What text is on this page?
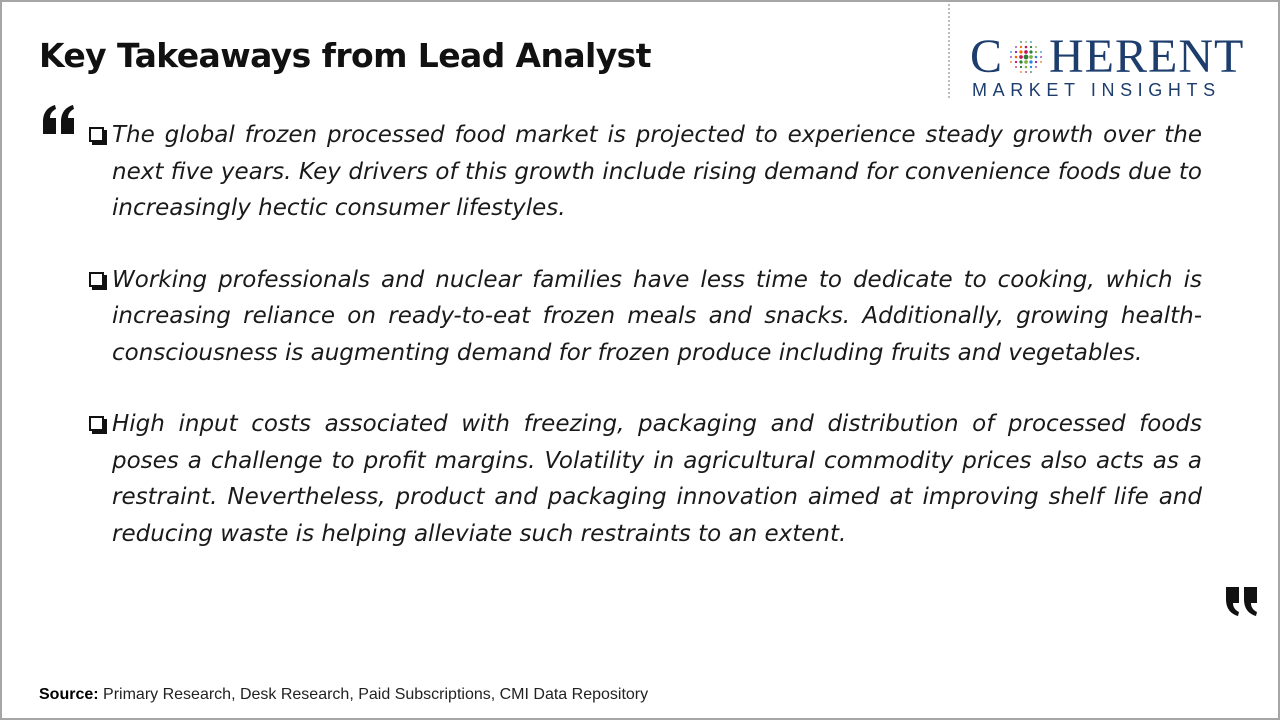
Key Takeaways from Lead Analyst	C HERENT
MARKET INSIGHTS
The global frozen processed food market is projected to experience steady growth over the next five years. Key drivers of this growth include rising demand for convenience foods due to increasingly hectic consumer lifestyles.
Working professionals and nuclear families have less time to dedicate to cooking, which is increasing reliance on ready-to-eat frozen meals and snacks. Additionally, growing health-consciousness is augmenting demand for frozen produce including fruits and vegetables.
High input costs associated with freezing, packaging and distribution of processed foods poses a challenge to profit margins. Volatility in agricultural commodity prices also acts as a restraint. Nevertheless, product and packaging innovation aimed at improving shelf life and reducing waste is helping alleviate such restraints to an extent.
Source: Primary Research, Desk Research, Paid Subscriptions, CMI Data Repository
